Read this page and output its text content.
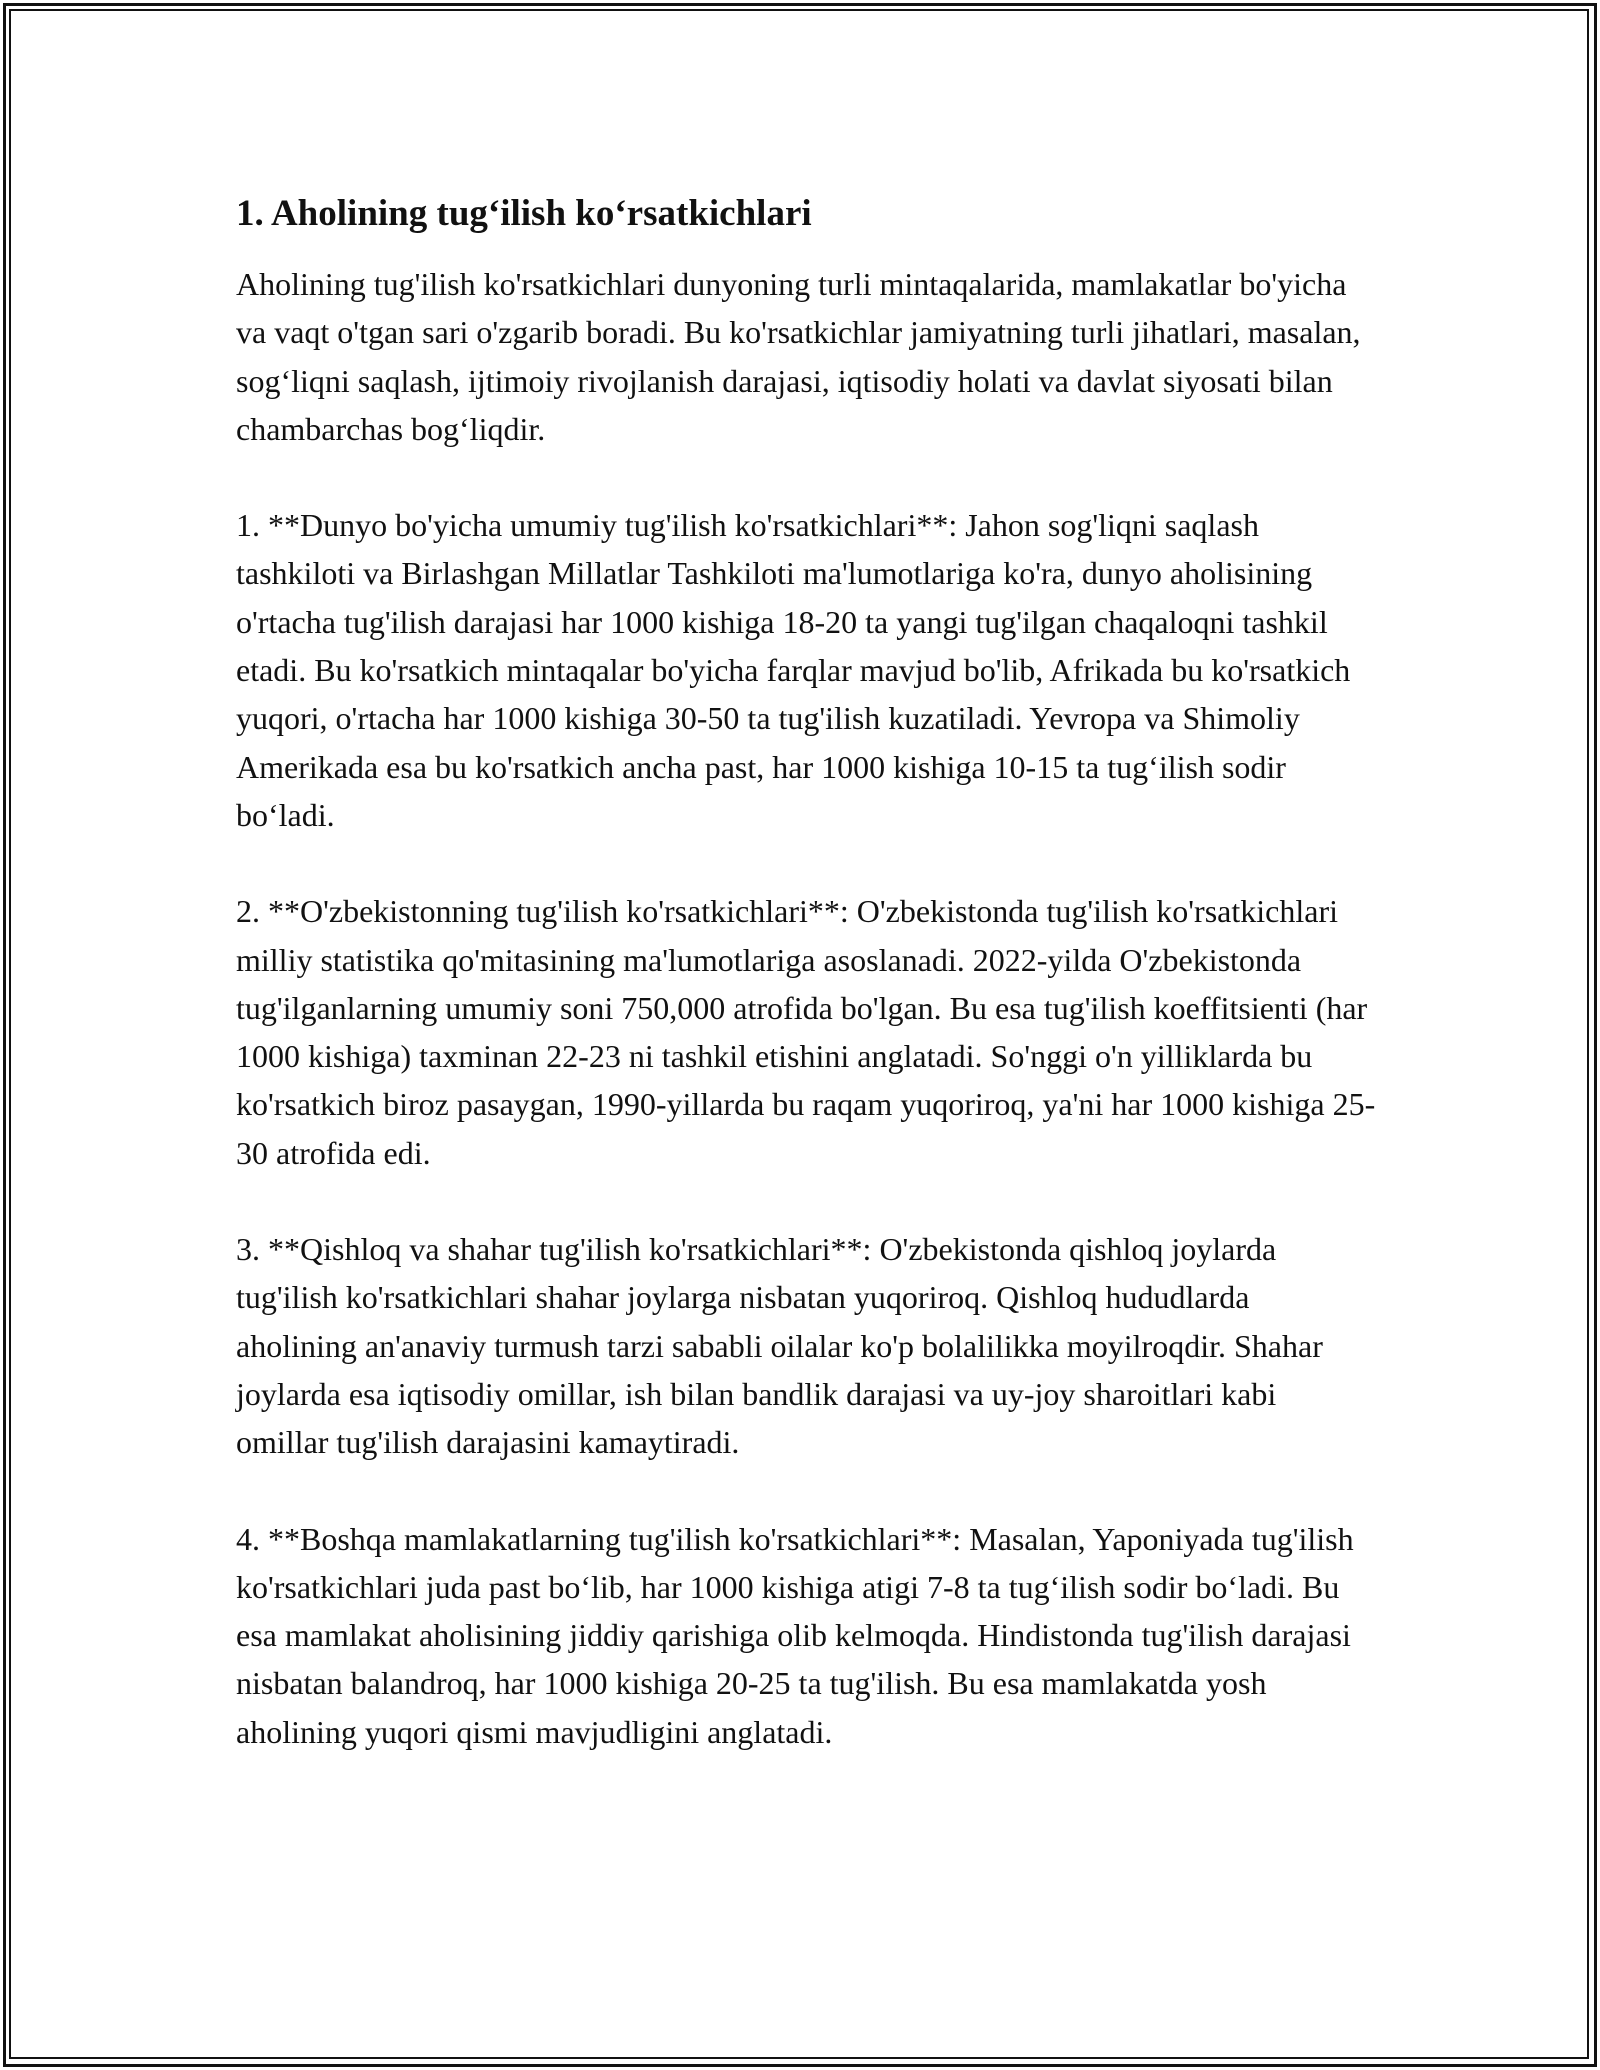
1. Aholining tug‘ilish ko‘rsatkichlari

Aholining tug'ilish ko'rsatkichlari dunyoning turli mintaqalarida, mamlakatlar bo'yicha va vaqt o'tgan sari o'zgarib boradi. Bu ko'rsatkichlar jamiyatning turli jihatlari, masalan, sog‘liqni saqlash, ijtimoiy rivojlanish darajasi, iqtisodiy holati va davlat siyosati bilan chambarchas bog‘liqdir.

1. **Dunyo bo'yicha umumiy tug'ilish ko'rsatkichlari**: Jahon sog'liqni saqlash tashkiloti va Birlashgan Millatlar Tashkiloti ma'lumotlariga ko'ra, dunyo aholisining o'rtacha tug'ilish darajasi har 1000 kishiga 18-20 ta yangi tug'ilgan chaqaloqni tashkil etadi. Bu ko'rsatkich mintaqalar bo'yicha farqlar mavjud bo'lib, Afrikada bu ko'rsatkich yuqori, o'rtacha har 1000 kishiga 30-50 ta tug'ilish kuzatiladi. Yevropa va Shimoliy Amerikada esa bu ko'rsatkich ancha past, har 1000 kishiga 10-15 ta tug‘ilish sodir bo‘ladi.

2. **O'zbekistonning tug'ilish ko'rsatkichlari**: O'zbekistonda tug'ilish ko'rsatkichlari milliy statistika qo'mitasining ma'lumotlariga asoslanadi. 2022-yilda O'zbekistonda tug'ilganlarning umumiy soni 750,000 atrofida bo'lgan. Bu esa tug'ilish koeffitsienti (har 1000 kishiga) taxminan 22-23 ni tashkil etishini anglatadi. So'nggi o'n yilliklarda bu ko'rsatkich biroz pasaygan, 1990-yillarda bu raqam yuqoriroq, ya'ni har 1000 kishiga 25-30 atrofida edi.

3. **Qishloq va shahar tug'ilish ko'rsatkichlari**: O'zbekistonda qishloq joylarda tug'ilish ko'rsatkichlari shahar joylarga nisbatan yuqoriroq. Qishloq hududlarda aholining an'anaviy turmush tarzi sababli oilalar ko'p bolalilikka moyilroqdir. Shahar joylarda esa iqtisodiy omillar, ish bilan bandlik darajasi va uy-joy sharoitlari kabi omillar tug'ilish darajasini kamaytiradi.

4. **Boshqa mamlakatlarning tug'ilish ko'rsatkichlari**: Masalan, Yaponiyada tug'ilish ko'rsatkichlari juda past bo‘lib, har 1000 kishiga atigi 7-8 ta tug‘ilish sodir bo‘ladi. Bu esa mamlakat aholisining jiddiy qarishiga olib kelmoqda. Hindistonda tug'ilish darajasi nisbatan balandroq, har 1000 kishiga 20-25 ta tug'ilish. Bu esa mamlakatda yosh aholining yuqori qismi mavjudligini anglatadi.
